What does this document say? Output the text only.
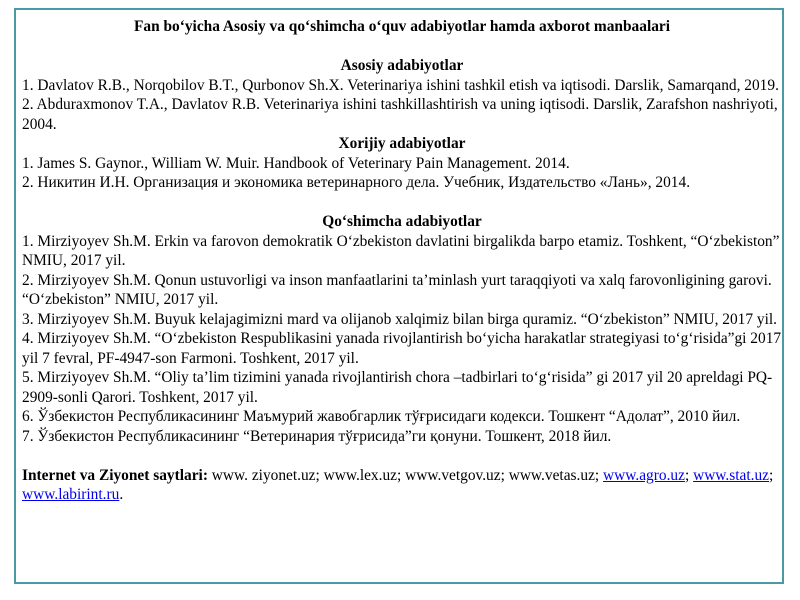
Fan bo‘yicha Asosiy va qo‘shimcha o‘quv adabiyotlar hamda axborot manbaalari
Asosiy adabiyotlar
1. Davlatov R.B., Norqobilov B.T., Qurbonov Sh.X. Veterinariya ishini tashkil etish va iqtisodi. Darslik, Samarqand, 2019.
2. Abduraxmonov T.A., Davlatov R.B. Veterinariya ishini tashkillashtirish va uning iqtisodi. Darslik, Zarafshon nashriyoti, 2004.
Xorijiy adabiyotlar
1. James S. Gaynor., William W. Muir. Handbook of Veterinary Pain Management. 2014.
2. Никитин И.Н. Организация и экономика ветеринарного дела. Учебник, Издательство «Лань», 2014.
Qo‘shimcha adabiyotlar
1. Mirziyoyev Sh.M. Erkin va farovon demokratik O‘zbekiston davlatini birgalikda barpo etamiz. Toshkent, “O‘zbekiston” NMIU, 2017 yil.
2. Mirziyoyev Sh.M. Qonun ustuvorligi va inson manfaatlarini ta’minlash yurt taraqqiyoti va xalq farovonligining garovi. “O‘zbekiston” NMIU, 2017 yil.
3. Mirziyoyev Sh.M. Buyuk kelajagimizni mard va olijanob xalqimiz bilan birga quramiz. “O‘zbekiston” NMIU, 2017 yil.
4. Mirziyoyev Sh.M. “O‘zbekiston Respublikasini yanada rivojlantirish bo‘yicha harakatlar strategiyasi to‘g‘risida”gi 2017 yil 7 fevral, PF-4947-son Farmoni. Toshkent, 2017 yil.
5. Mirziyoyev Sh.M. “Oliy ta’lim tizimini yanada rivojlantirish chora –tadbirlari to‘g‘risida” gi 2017 yil 20 apreldagi PQ-2909-sonli Qarori. Toshkent, 2017 yil.
6. Ўзбекистон Республикасининг Маъмурий жавобгарлик тўғрисидаги кодекси. Тошкент “Адолат”, 2010 йил.
7. Ўзбекистон Республикасининг “Ветеринария тўғрисида”ги қонуни. Тошкент, 2018 йил.
Internet va Ziyonet saytlari: www. ziyonet.uz; www.lex.uz; www.vetgov.uz; www.vetas.uz; www.agro.uz; www.stat.uz; www.labirint.ru.
